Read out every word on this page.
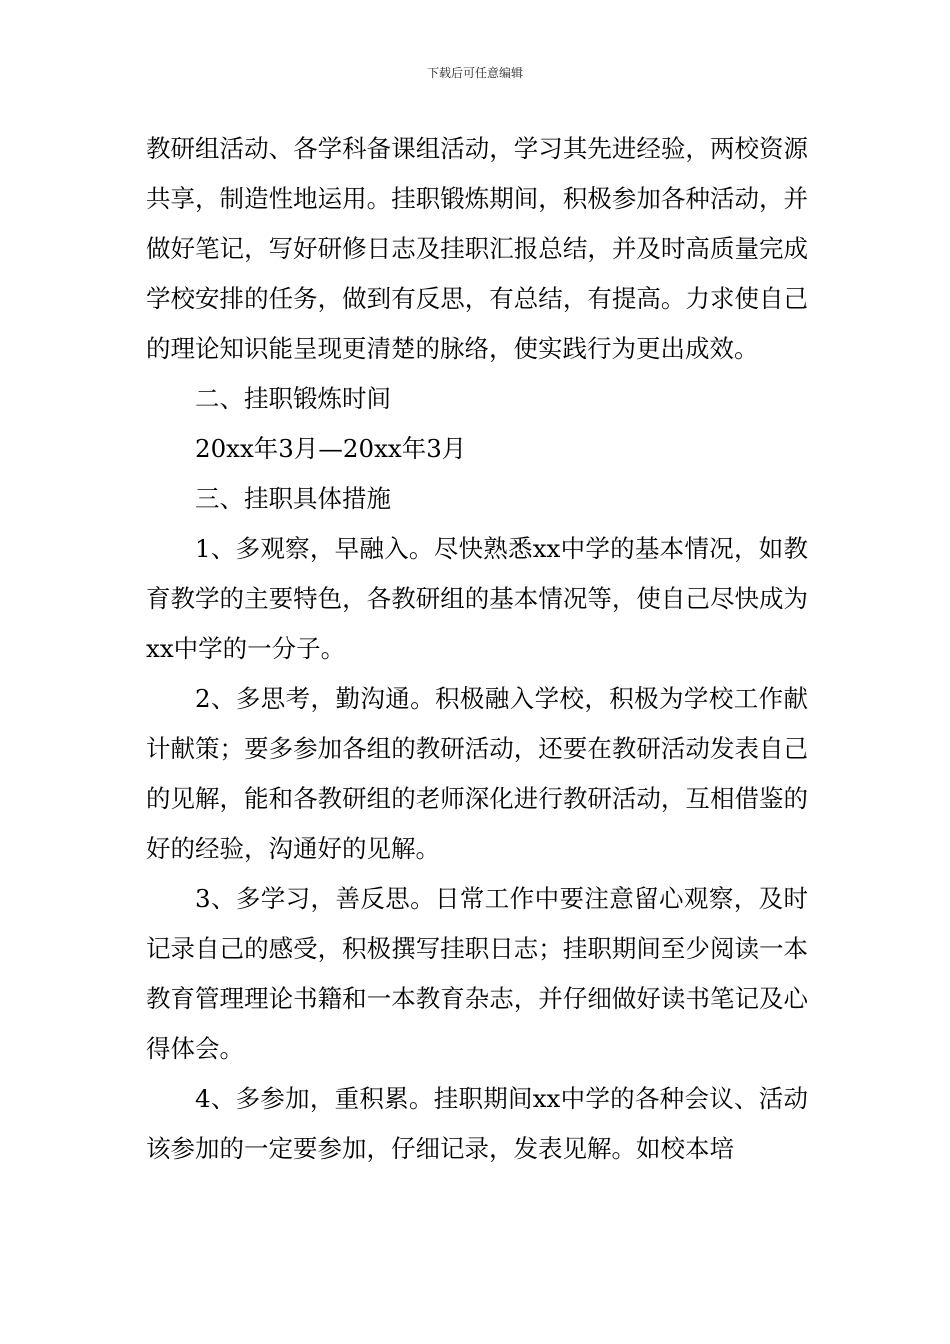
下载后可任意编辑

教研组活动、各学科备课组活动，学习其先进经验，两校资源共享，制造性地运用。挂职锻炼期间，积极参加各种活动，并做好笔记，写好研修日志及挂职汇报总结，并及时高质量完成学校安排的任务，做到有反思，有总结，有提高。力求使自己的理论知识能呈现更清楚的脉络，使实践行为更出成效。

二、挂职锻炼时间

20xx年3月—20xx年3月

三、挂职具体措施

1、多观察，早融入。尽快熟悉xx中学的基本情况，如教育教学的主要特色，各教研组的基本情况等，使自己尽快成为xx中学的一分子。

2、多思考，勤沟通。积极融入学校，积极为学校工作献计献策；要多参加各组的教研活动，还要在教研活动发表自己的见解，能和各教研组的老师深化进行教研活动，互相借鉴的好的经验，沟通好的见解。

3、多学习，善反思。日常工作中要注意留心观察，及时记录自己的感受，积极撰写挂职日志；挂职期间至少阅读一本教育管理理论书籍和一本教育杂志，并仔细做好读书笔记及心得体会。

4、多参加，重积累。挂职期间xx中学的各种会议、活动该参加的一定要参加，仔细记录，发表见解。如校本培
